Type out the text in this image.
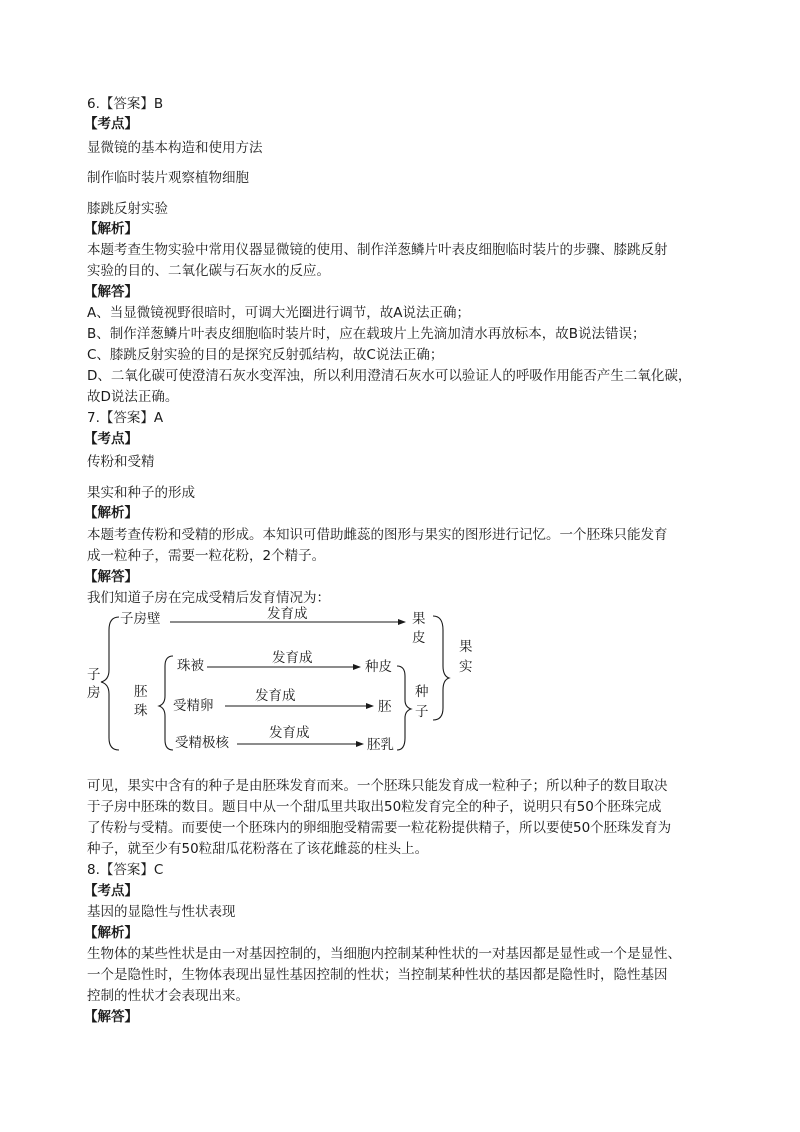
6.【答案】B
【考点】
显微镜的基本构造和使用方法
制作临时装片观察植物细胞
膝跳反射实验
【解析】
本题考查生物实验中常用仪器显微镜的使用、制作洋葱鳞片叶表皮细胞临时装片的步骤、膝跳反射
实验的目的、二氧化碳与石灰水的反应。
【解答】
A、当显微镜视野很暗时，可调大光圈进行调节，故A说法正确；
B、制作洋葱鳞片叶表皮细胞临时装片时，应在载玻片上先滴加清水再放标本，故B说法错误；
C、膝跳反射实验的目的是探究反射弧结构，故C说法正确；
D、二氧化碳可使澄清石灰水变浑浊，所以利用澄清石灰水可以验证人的呼吸作用能否产生二氧化碳，
故D说法正确。
7.【答案】A
【考点】
传粉和受精
果实和种子的形成
【解析】
本题考查传粉和受精的形成。本知识可借助雌蕊的图形与果实的图形进行记忆。一个胚珠只能发育
成一粒种子，需要一粒花粉，2个精子。
【解答】
我们知道子房在完成受精后发育情况为：
子
房
子房壁	发育成	果
皮
胚
珠
珠被	发育成
种皮
受精卵
发育成
胚
受精极核
发育成
胚乳
种
子
果
实
可见，果实中含有的种子是由胚珠发育而来。一个胚珠只能发育成一粒种子；所以种子的数目取决
于子房中胚珠的数目。题目中从一个甜瓜里共取出50粒发育完全的种子，说明只有50个胚珠完成
了传粉与受精。而要使一个胚珠内的卵细胞受精需要一粒花粉提供精子，所以要使50个胚珠发育为
种子，就至少有50粒甜瓜花粉落在了该花雌蕊的柱头上。
8.【答案】C
【考点】
基因的显隐性与性状表现
【解析】
生物体的某些性状是由一对基因控制的，当细胞内控制某种性状的一对基因都是显性或一个是显性、
一个是隐性时，生物体表现出显性基因控制的性状；当控制某种性状的基因都是隐性时，隐性基因
控制的性状才会表现出来。
【解答】
